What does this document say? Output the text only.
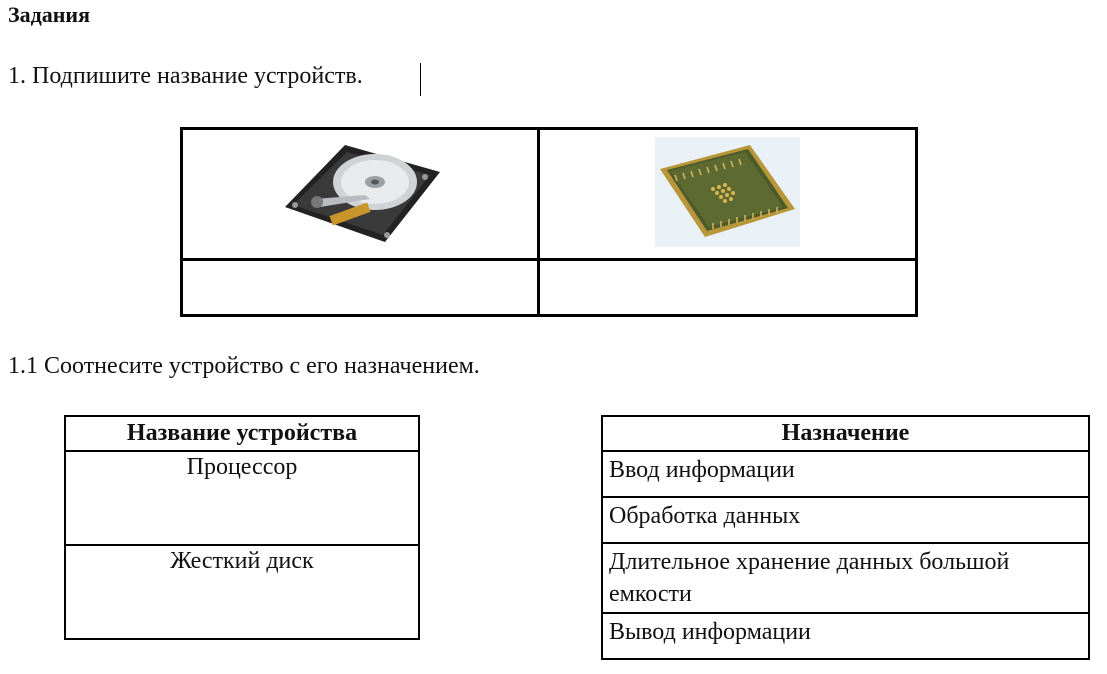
Задания
1. Подпишите название устройств.

1.1 Соотнесите устройство с его назначением.
Название устройства
Процессор
Жесткий диск
Назначение
Ввод информации
Обработка данных
Длительное хранение данных большой емкости
Вывод информации
